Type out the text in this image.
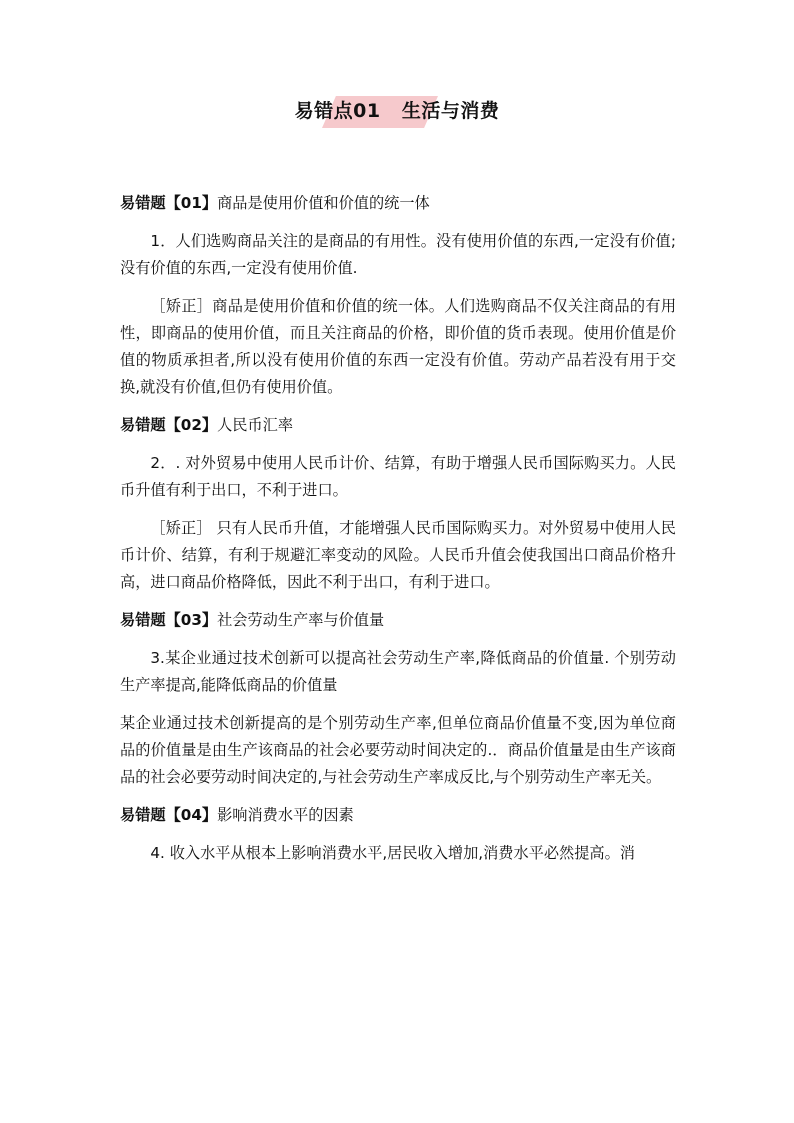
易错点01   生活与消费
易错题【01】商品是使用价值和价值的统一体

1．人们选购商品关注的是商品的有用性。没有使用价值的东西,一定没有价值;没有价值的东西,一定没有使用价值.

［矫正］商品是使用价值和价值的统一体。人们选购商品不仅关注商品的有用性，即商品的使用价值，而且关注商品的价格，即价值的货币表现。使用价值是价值的物质承担者,所以没有使用价值的东西一定没有价值。劳动产品若没有用于交换,就没有价值,但仍有使用价值。

易错题【02】人民币汇率

2．. 对外贸易中使用人民币计价、结算，有助于增强人民币国际购买力。人民币升值有利于出口，不利于进口。

［矫正］ 只有人民币升值，才能增强人民币国际购买力。对外贸易中使用人民币计价、结算，有利于规避汇率变动的风险。人民币升值会使我国出口商品价格升高，进口商品价格降低，因此不利于出口，有利于进口。

易错题【03】社会劳动生产率与价值量

3.某企业通过技术创新可以提高社会劳动生产率,降低商品的价值量. 个别劳动生产率提高,能降低商品的价值量

某企业通过技术创新提高的是个别劳动生产率,但单位商品价值量不变,因为单位商品的价值量是由生产该商品的社会必要劳动时间决定的.．商品价值量是由生产该商品的社会必要劳动时间决定的,与社会劳动生产率成反比,与个别劳动生产率无关。

易错题【04】影响消费水平的因素

4. 收入水平从根本上影响消费水平,居民收入增加,消费水平必然提高。消
